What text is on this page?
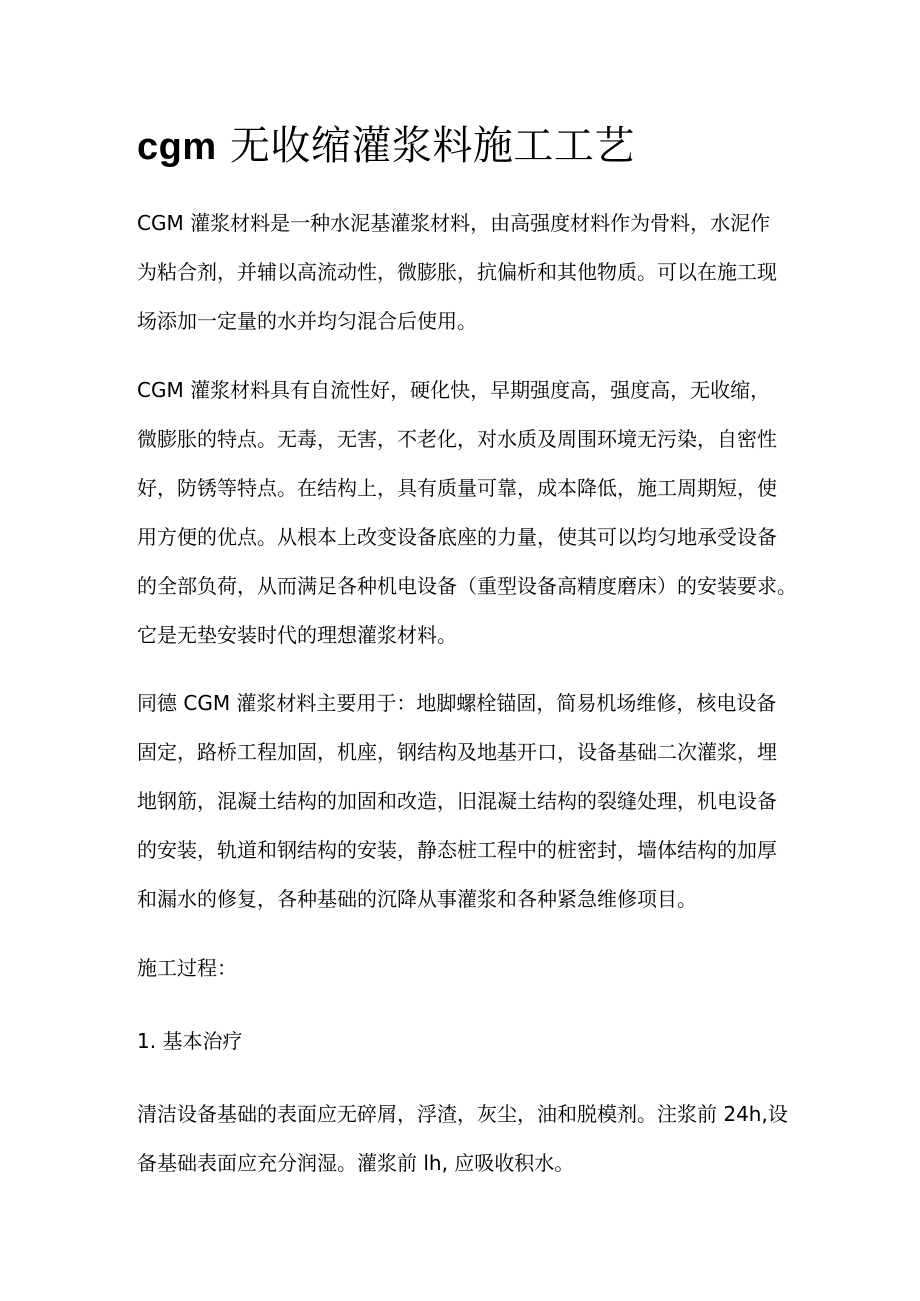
cgm 无收缩灌浆料施工工艺
CGM 灌浆材料是一种水泥基灌浆材料，由高强度材料作为骨料，水泥作
为粘合剂，并辅以高流动性，微膨胀，抗偏析和其他物质。可以在施工现
场添加一定量的水并均匀混合后使用。
CGM 灌浆材料具有自流性好，硬化快，早期强度高，强度高，无收缩，
微膨胀的特点。无毒，无害，不老化，对水质及周围环境无污染，自密性
好，防锈等特点。在结构上，具有质量可靠，成本降低，施工周期短，使
用方便的优点。从根本上改变设备底座的力量，使其可以均匀地承受设备
的全部负荷，从而满足各种机电设备（重型设备高精度磨床）的安装要求。
它是无垫安装时代的理想灌浆材料。
同德 CGM 灌浆材料主要用于：地脚螺栓锚固，简易机场维修，核电设备
固定，路桥工程加固，机座，钢结构及地基开口，设备基础二次灌浆，埋
地钢筋，混凝土结构的加固和改造，旧混凝土结构的裂缝处理，机电设备
的安装，轨道和钢结构的安装，静态桩工程中的桩密封，墙体结构的加厚
和漏水的修复，各种基础的沉降从事灌浆和各种紧急维修项目。
施工过程：
1. 基本治疗
清洁设备基础的表面应无碎屑，浮渣，灰尘，油和脱模剂。注浆前 24h,设
备基础表面应充分润湿。灌浆前 lh, 应吸收积水。
